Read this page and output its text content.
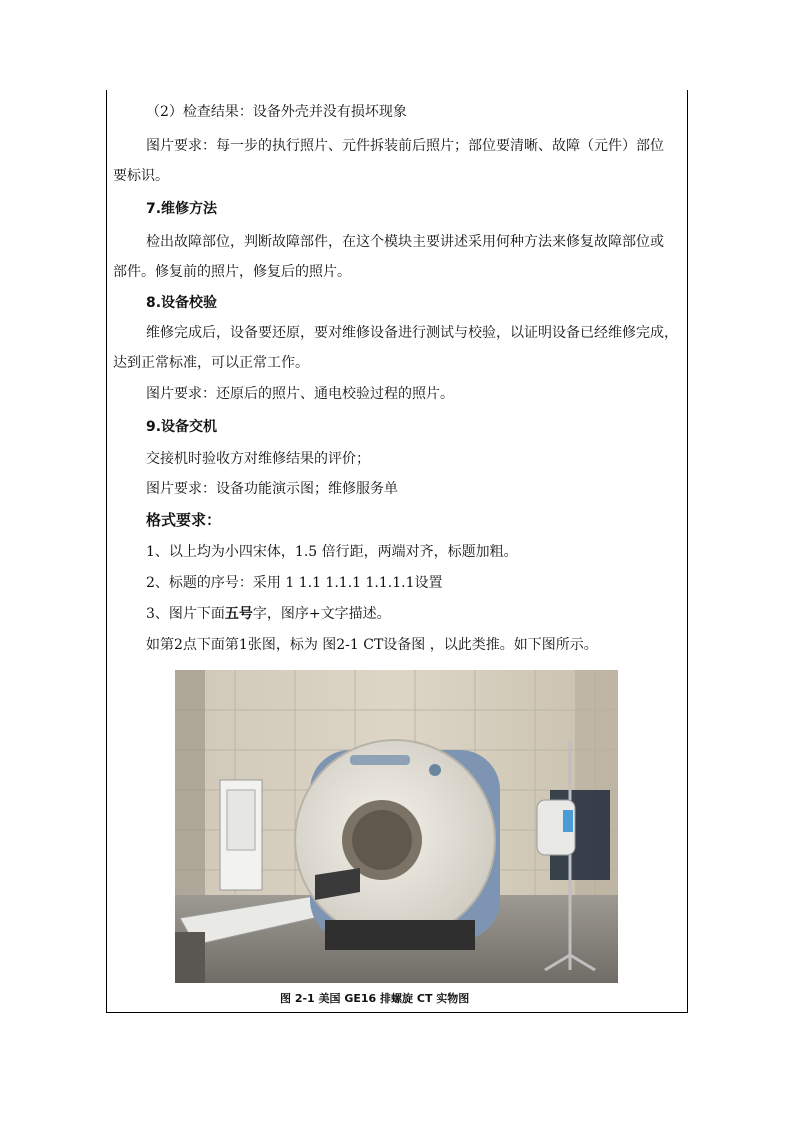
（2）检查结果：设备外壳并没有损坏现象
图片要求：每一步的执行照片、元件拆装前后照片；部位要清晰、故障（元件）部位
要标识。
7.维修方法
检出故障部位，判断故障部件，在这个模块主要讲述采用何种方法来修复故障部位或
部件。修复前的照片，修复后的照片。
8.设备校验
维修完成后，设备要还原，要对维修设备进行测试与校验，以证明设备已经维修完成，
达到正常标准，可以正常工作。
图片要求：还原后的照片、通电校验过程的照片。
9.设备交机
交接机时验收方对维修结果的评价；
图片要求：设备功能演示图；维修服务单
格式要求：
1、以上均为小四宋体，1.5 倍行距，两端对齐，标题加粗。
2、标题的序号：采用 1 1.1 1.1.1 1.1.1.1设置
3、图片下面五号字，图序+文字描述。
如第2点下面第1张图，标为 图2-1 CT设备图 ，以此类推。如下图所示。
图 2-1 美国 GE16 排螺旋 CT 实物图
